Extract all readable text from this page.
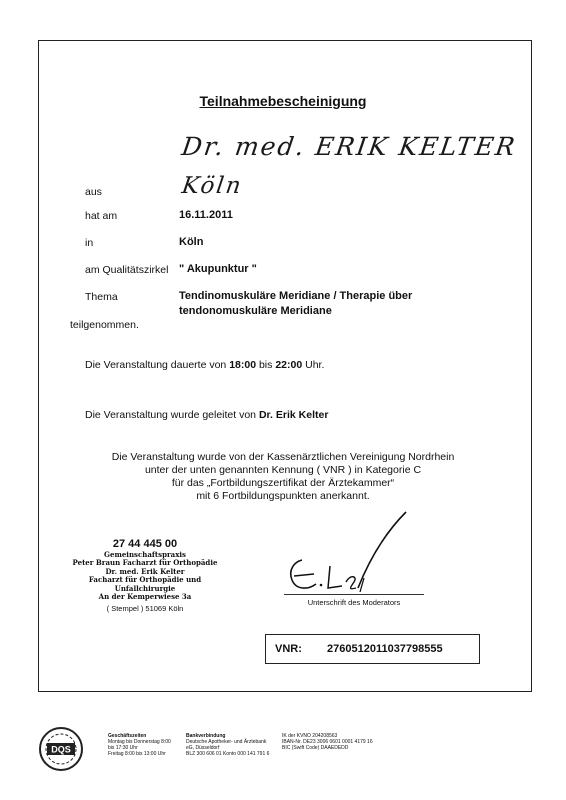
Teilnahmebescheinigung
Dr. med. ERIK KELTER
aus	Köln
hat am	16.11.2011
in	Köln
am Qualitätszirkel " Akupunktur "
Thema	Tendinomuskuläre Meridiane / Therapie über
tendonomuskuläre Meridiane
teilgenommen.
Die Veranstaltung dauerte von 18:00 bis 22:00 Uhr.
Die Veranstaltung wurde geleitet von Dr. Erik Kelter
Die Veranstaltung wurde von der Kassenärztlichen Vereinigung Nordrhein
unter der unten genannten Kennung ( VNR ) in Kategorie C
für das „Fortbildungszertifikat der Ärztekammer“
mit 6 Fortbildungspunkten anerkannt.
27 44 445 00
Gemeinschaftspraxis
Peter Braun Facharzt für Orthopädie
Dr. med. Erik Kelter
Facharzt für Orthopädie und Unfallchirurgie
An der Kemperwiese 3a
( Stempel ) 51069 Köln
Unterschrift des Moderators
VNR:	2760512011037798555
DQS
Geschäftszeiten
Montag bis Donnerstag 8:00
bis 17:30 Uhr
Freitag 8:00 bis 13:00 Uhr
Bankverbindung
Deutsche Apotheker- und Ärztebank
eG, Düsseldorf
BLZ 300 606 01 Konto 000 141 791 6
IK der KVNO 204208563
IBAN-Nr. DE23 3006 0601 0001 4179 16
BIC (Swift Code) DAAEDEDD
